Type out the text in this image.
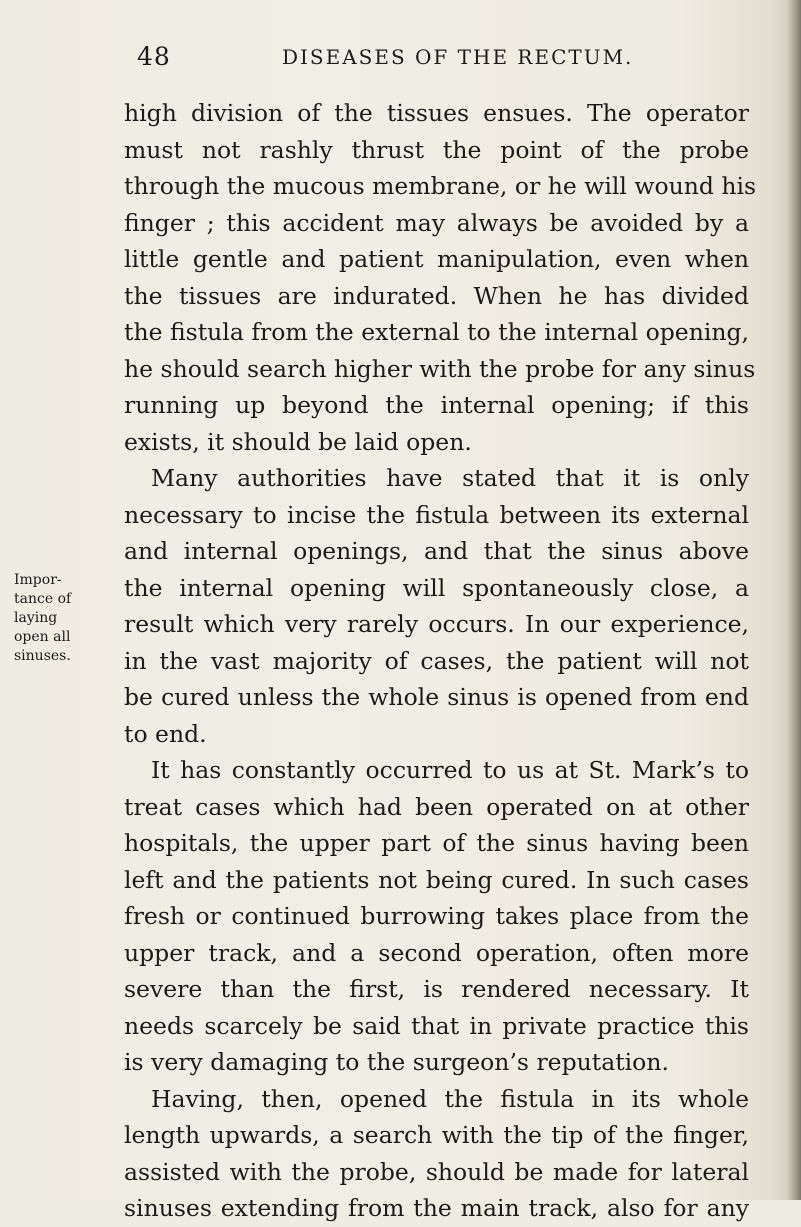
48	DISEASES OF THE RECTUM.
Impor-
tance of
laying
open all
sinuses.
high division of the tissues ensues. The operator
must not rashly thrust the point of the probe
through the mucous membrane, or he will wound his
finger ; this accident may always be avoided by a
little gentle and patient manipulation, even when
the tissues are indurated. When he has divided
the fistula from the external to the internal opening,
he should search higher with the probe for any sinus
running up beyond the internal opening; if this
exists, it should be laid open.
Many authorities have stated that it is only
necessary to incise the fistula between its external
and internal openings, and that the sinus above
the internal opening will spontaneously close, a
result which very rarely occurs. In our experience,
in the vast majority of cases, the patient will not
be cured unless the whole sinus is opened from end
to end.
It has constantly occurred to us at St. Mark’s to
treat cases which had been operated on at other
hospitals, the upper part of the sinus having been
left and the patients not being cured. In such cases
fresh or continued burrowing takes place from the
upper track, and a second operation, often more
severe than the first, is rendered necessary. It
needs scarcely be said that in private practice this
is very damaging to the surgeon’s reputation.
Having, then, opened the fistula in its whole
length upwards, a search with the tip of the finger,
assisted with the probe, should be made for lateral
sinuses extending from the main track, also for any
